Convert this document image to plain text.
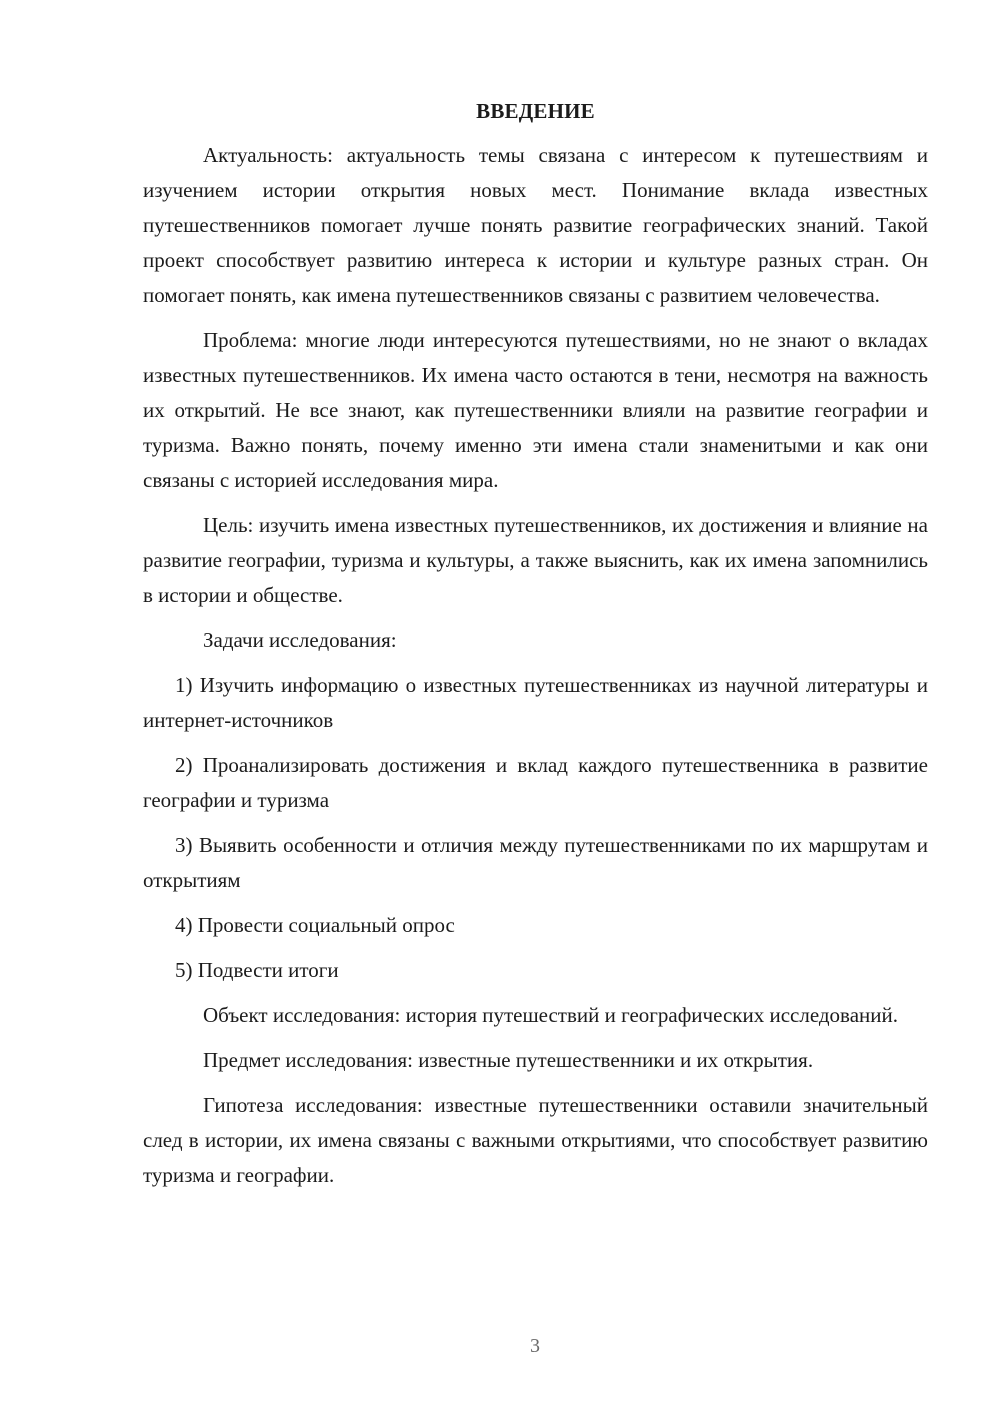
ВВЕДЕНИЕ

Актуальность: актуальность темы связана с интересом к путешествиям и изучением истории открытия новых мест. Понимание вклада известных путешественников помогает лучше понять развитие географических знаний. Такой проект способствует развитию интереса к истории и культуре разных стран. Он помогает понять, как имена путешественников связаны с развитием человечества.

Проблема: многие люди интересуются путешествиями, но не знают о вкладах известных путешественников. Их имена часто остаются в тени, несмотря на важность их открытий. Не все знают, как путешественники влияли на развитие географии и туризма. Важно понять, почему именно эти имена стали знаменитыми и как они связаны с историей исследования мира.

Цель: изучить имена известных путешественников, их достижения и влияние на развитие географии, туризма и культуры, а также выяснить, как их имена запомнились в истории и обществе.

Задачи исследования:

1) Изучить информацию о известных путешественниках из научной литературы и интернет-источников

2) Проанализировать достижения и вклад каждого путешественника в развитие географии и туризма

3) Выявить особенности и отличия между путешественниками по их маршрутам и открытиям

4) Провести социальный опрос

5) Подвести итоги

Объект исследования: история путешествий и географических исследований.

Предмет исследования: известные путешественники и их открытия.

Гипотеза исследования: известные путешественники оставили значительный след в истории, их имена связаны с важными открытиями, что способствует развитию туризма и географии.

3
